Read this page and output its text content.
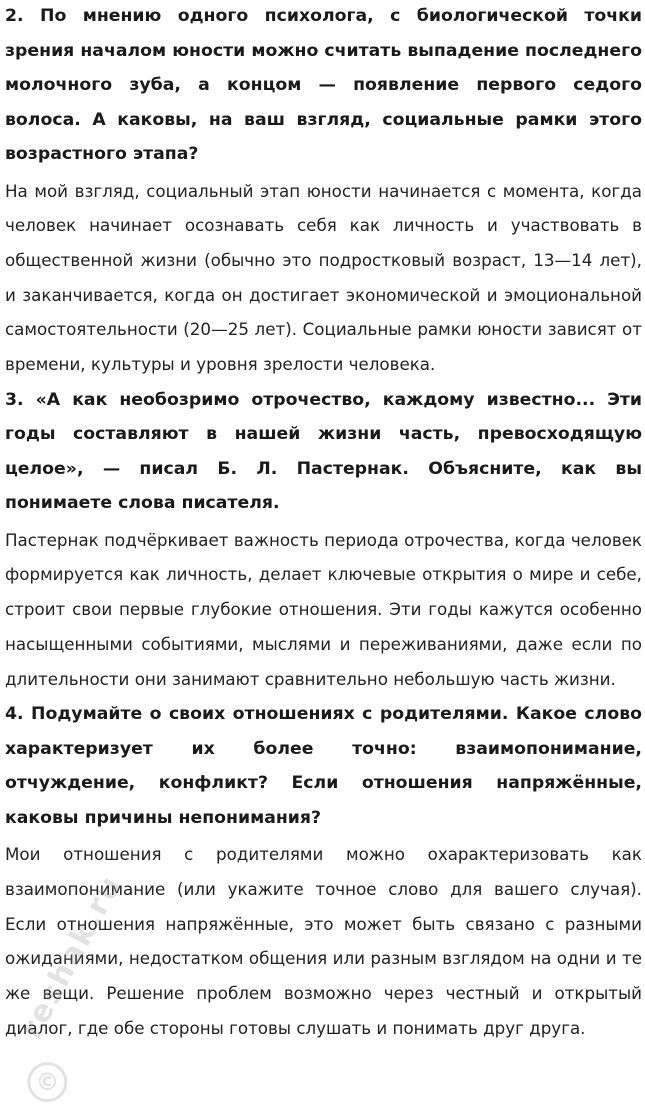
2. По мнению одного психолога, с биологической точки зрения началом юности можно считать выпадение последнего молочного зуба, а концом — появление первого седого волоса. А каковы, на ваш взгляд, социальные рамки этого возрастного этапа?

На мой взгляд, социальный этап юности начинается с момента, когда человек начинает осознавать себя как личность и участвовать в общественной жизни (обычно это подростковый возраст, 13—14 лет), и заканчивается, когда он достигает экономической и эмоциональной самостоятельности (20—25 лет). Социальные рамки юности зависят от времени, культуры и уровня зрелости человека.

3. «А как необозримо отрочество, каждому известно... Эти годы составляют в нашей жизни часть, превосходящую целое», — писал Б. Л. Пастернак. Объясните, как вы понимаете слова писателя.

Пастернак подчёркивает важность периода отрочества, когда человек формируется как личность, делает ключевые открытия о мире и себе, строит свои первые глубокие отношения. Эти годы кажутся особенно насыщенными событиями, мыслями и переживаниями, даже если по длительности они занимают сравнительно небольшую часть жизни.

4. Подумайте о своих отношениях с родителями. Какое слово характеризует их более точно: взаимопонимание, отчуждение, конфликт? Если отношения напряжённые, каковы причины непонимания?

Мои отношения с родителями можно охарактеризовать как взаимопонимание (или укажите точное слово для вашего случая). Если отношения напряжённые, это может быть связано с разными ожиданиями, недостатком общения или разным взглядом на одни и те же вещи. Решение проблем возможно через честный и открытый диалог, где обе стороны готовы слушать и понимать друг друга.

reshak.ru
©
